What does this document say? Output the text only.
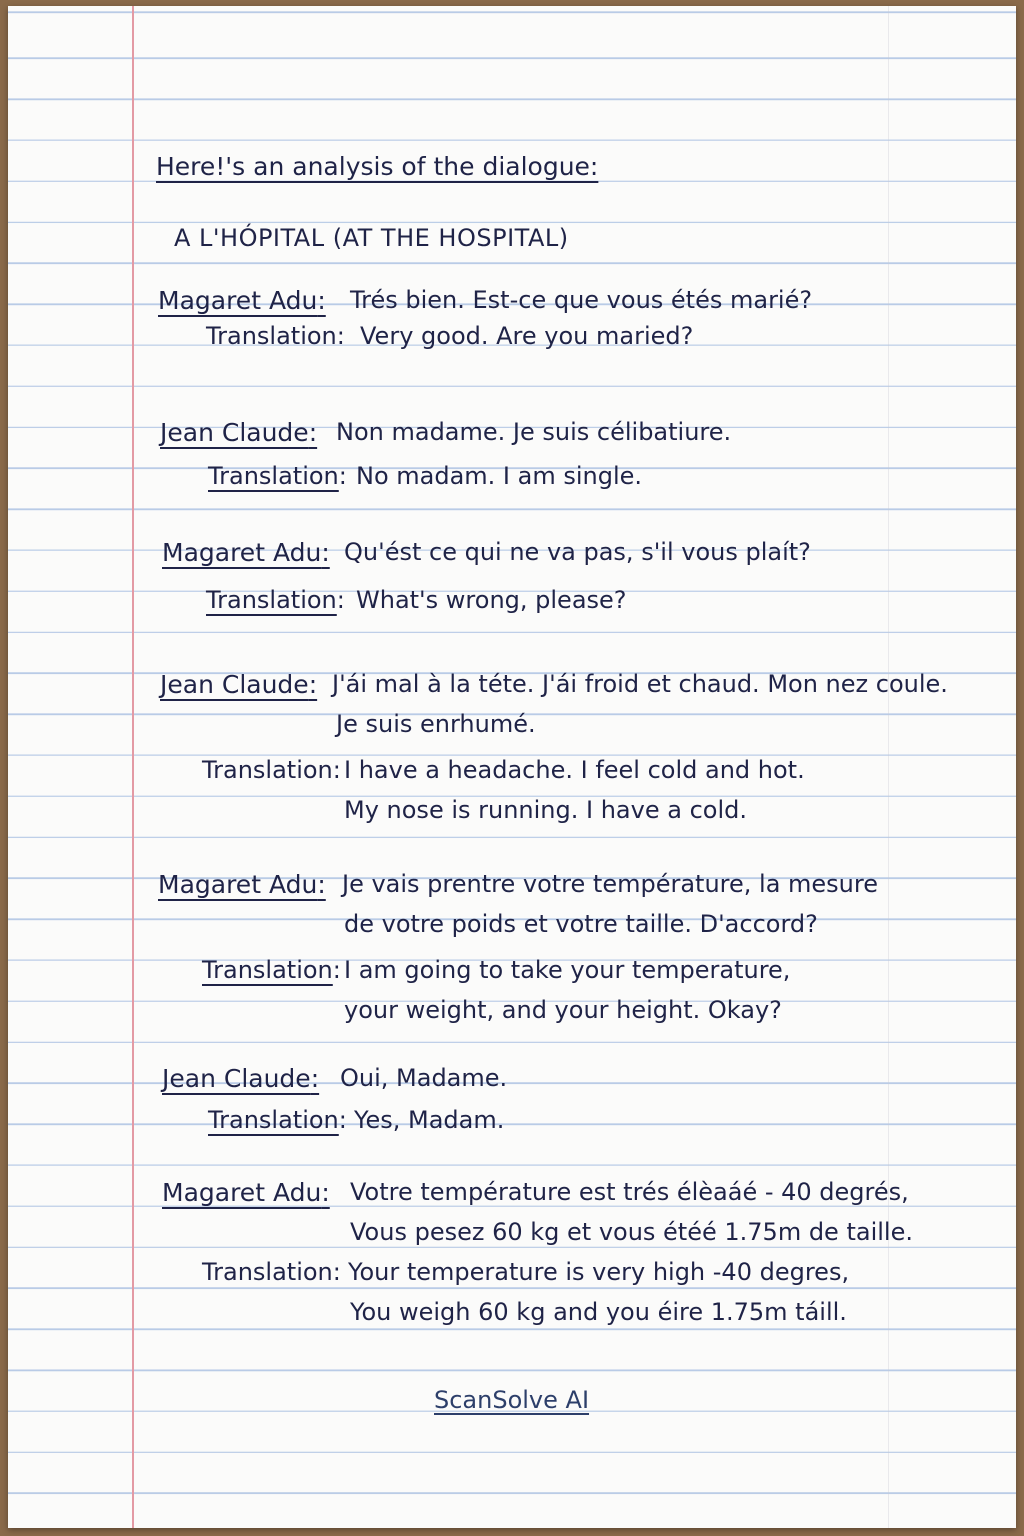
Here!'s an analysis of the dialogue:
A L'HÓPITAL (AT THE HOSPITAL)
Magaret Adu: Trés bien. Est-ce que vous étés marié?
Translation: Very good. Are you maried?
Jean Claude: Non madame. Je suis célibatiure.
Translation: No madam. I am single.
Magaret Adu: Qu'ést ce qui ne va pas, s'il vous plaít?
Translation: What's wrong, please?
Jean Claude: J'ái mal à la téte. J'ái froid et chaud. Mon nez coule.
Je suis enrhumé.
Translation: I have a headache. I feel cold and hot.
My nose is running. I have a cold.
Magaret Adu: Je vais prentre votre température, la mesure
de votre poids et votre taille. D'accord?
Translation: I am going to take your temperature,
your weight, and your height. Okay?
Jean Claude: Oui, Madame.
Translation: Yes, Madam.
Magaret Adu: Votre température est trés élèaáé - 40 degrés,
Vous pesez 60 kg et vous étéé 1.75m de taille.
Translation: Your temperature is very high -40 degres,
You weigh 60 kg and you éire 1.75m táill.
ScanSolve AI
